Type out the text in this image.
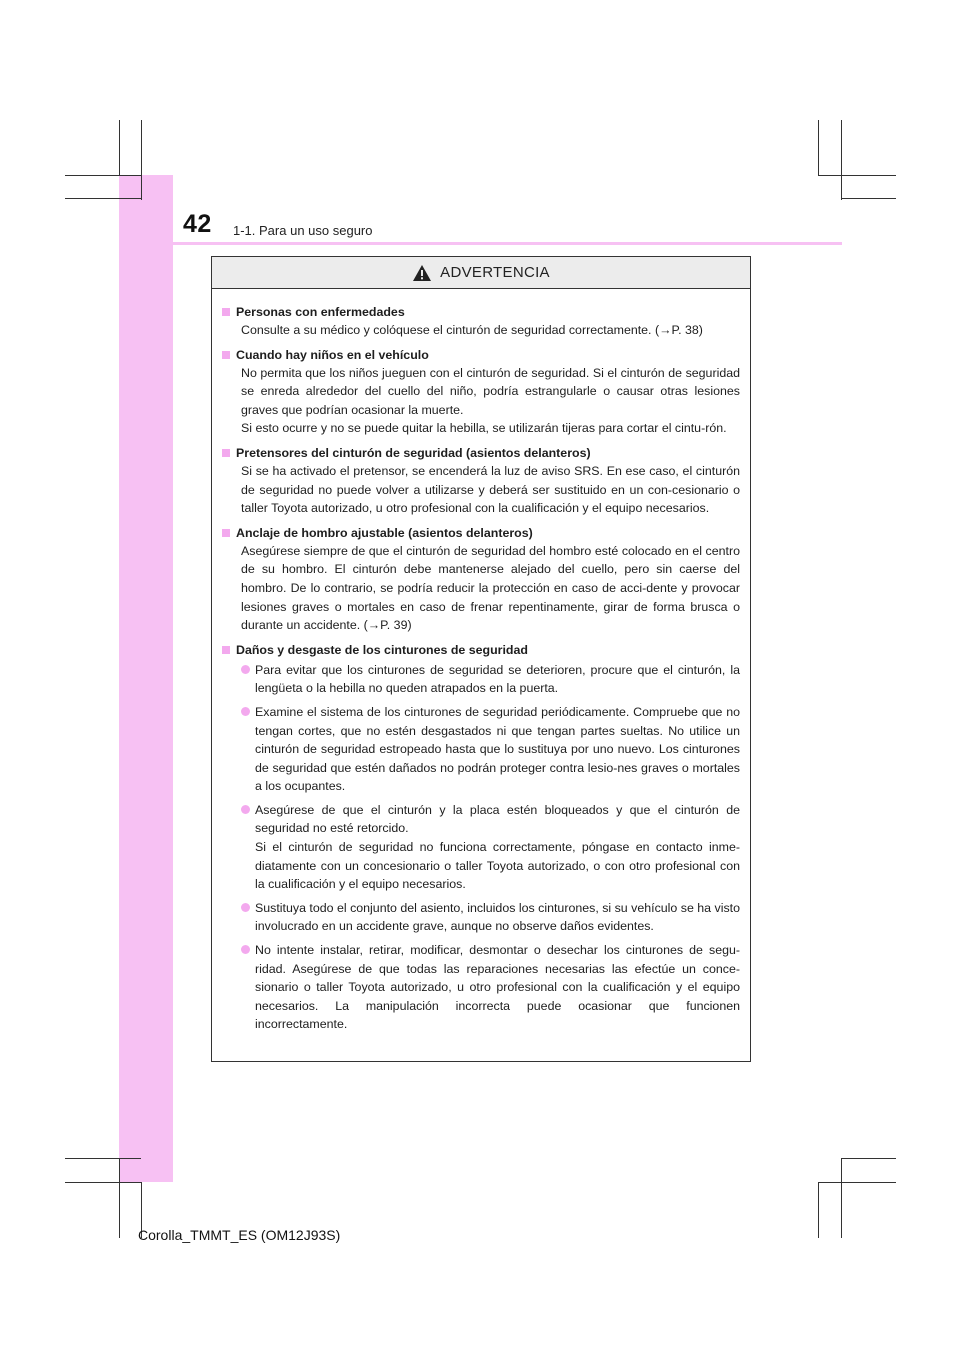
42 1-1. Para un uso seguro
ADVERTENCIA
Personas con enfermedades
Consulte a su médico y colóquese el cinturón de seguridad correctamente. (→P. 38)
Cuando hay niños en el vehículo
No permita que los niños jueguen con el cinturón de seguridad. Si el cinturón de seguridad se enreda alrededor del cuello del niño, podría estrangularle o causar otras lesiones graves que podrían ocasionar la muerte.
Si esto ocurre y no se puede quitar la hebilla, se utilizarán tijeras para cortar el cintu-rón.
Pretensores del cinturón de seguridad (asientos delanteros)
Si se ha activado el pretensor, se encenderá la luz de aviso SRS. En ese caso, el cinturón de seguridad no puede volver a utilizarse y deberá ser sustituido en un con-cesionario o taller Toyota autorizado, u otro profesional con la cualificación y el equipo necesarios.
Anclaje de hombro ajustable (asientos delanteros)
Asegúrese siempre de que el cinturón de seguridad del hombro esté colocado en el centro de su hombro. El cinturón debe mantenerse alejado del cuello, pero sin caerse del hombro. De lo contrario, se podría reducir la protección en caso de acci-dente y provocar lesiones graves o mortales en caso de frenar repentinamente, girar de forma brusca o durante un accidente. (→P. 39)
Daños y desgaste de los cinturones de seguridad
Para evitar que los cinturones de seguridad se deterioren, procure que el cinturón, la lengüeta o la hebilla no queden atrapados en la puerta.
Examine el sistema de los cinturones de seguridad periódicamente. Compruebe que no tengan cortes, que no estén desgastados ni que tengan partes sueltas. No utilice un cinturón de seguridad estropeado hasta que lo sustituya por uno nuevo. Los cinturones de seguridad que estén dañados no podrán proteger contra lesio-nes graves o mortales a los ocupantes.
Asegúrese de que el cinturón y la placa estén bloqueados y que el cinturón de seguridad no esté retorcido.
Si el cinturón de seguridad no funciona correctamente, póngase en contacto inme-diatamente con un concesionario o taller Toyota autorizado, o con otro profesional con la cualificación y el equipo necesarios.
Sustituya todo el conjunto del asiento, incluidos los cinturones, si su vehículo se ha visto involucrado en un accidente grave, aunque no observe daños evidentes.
No intente instalar, retirar, modificar, desmontar o desechar los cinturones de segu-ridad. Asegúrese de que todas las reparaciones necesarias las efectúe un conce-sionario o taller Toyota autorizado, u otro profesional con la cualificación y el equipo necesarios. La manipulación incorrecta puede ocasionar que funcionen incorrectamente.
Corolla_TMMT_ES (OM12J93S)
